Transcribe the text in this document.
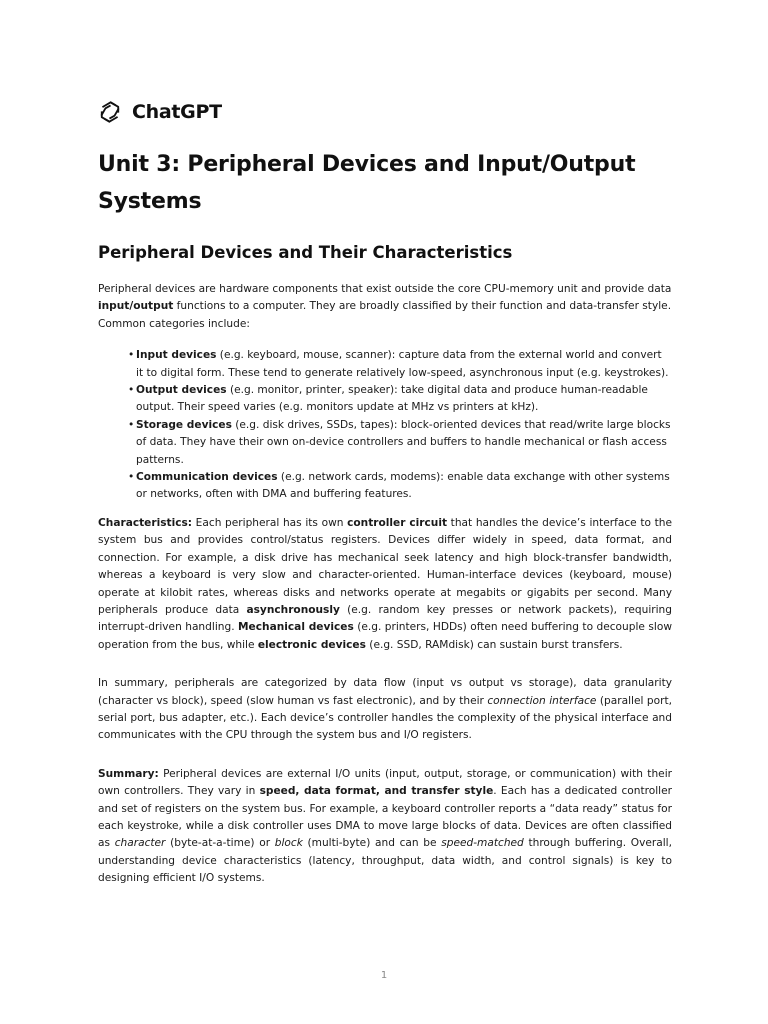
ChatGPT
Unit 3: Peripheral Devices and Input/Output Systems
Peripheral Devices and Their Characteristics

Peripheral devices are hardware components that exist outside the core CPU-memory unit and provide data input/output functions to a computer. They are broadly classified by their function and data-transfer style. Common categories include:

• Input devices (e.g. keyboard, mouse, scanner): capture data from the external world and convert it to digital form. These tend to generate relatively low-speed, asynchronous input (e.g. keystrokes).
• Output devices (e.g. monitor, printer, speaker): take digital data and produce human-readable output. Their speed varies (e.g. monitors update at MHz vs printers at kHz).
• Storage devices (e.g. disk drives, SSDs, tapes): block-oriented devices that read/write large blocks of data. They have their own on-device controllers and buffers to handle mechanical or flash access patterns.
• Communication devices (e.g. network cards, modems): enable data exchange with other systems or networks, often with DMA and buffering features.

Characteristics: Each peripheral has its own controller circuit that handles the device’s interface to the system bus and provides control/status registers. Devices differ widely in speed, data format, and connection. For example, a disk drive has mechanical seek latency and high block-transfer bandwidth, whereas a keyboard is very slow and character-oriented. Human-interface devices (keyboard, mouse) operate at kilobit rates, whereas disks and networks operate at megabits or gigabits per second. Many peripherals produce data asynchronously (e.g. random key presses or network packets), requiring interrupt-driven handling. Mechanical devices (e.g. printers, HDDs) often need buffering to decouple slow operation from the bus, while electronic devices (e.g. SSD, RAMdisk) can sustain burst transfers.

In summary, peripherals are categorized by data flow (input vs output vs storage), data granularity (character vs block), speed (slow human vs fast electronic), and by their connection interface (parallel port, serial port, bus adapter, etc.). Each device’s controller handles the complexity of the physical interface and communicates with the CPU through the system bus and I/O registers.

Summary: Peripheral devices are external I/O units (input, output, storage, or communication) with their own controllers. They vary in speed, data format, and transfer style. Each has a dedicated controller and set of registers on the system bus. For example, a keyboard controller reports a “data ready” status for each keystroke, while a disk controller uses DMA to move large blocks of data. Devices are often classified as character (byte-at-a-time) or block (multi-byte) and can be speed-matched through buffering. Overall, understanding device characteristics (latency, throughput, data width, and control signals) is key to designing efficient I/O systems.

1
